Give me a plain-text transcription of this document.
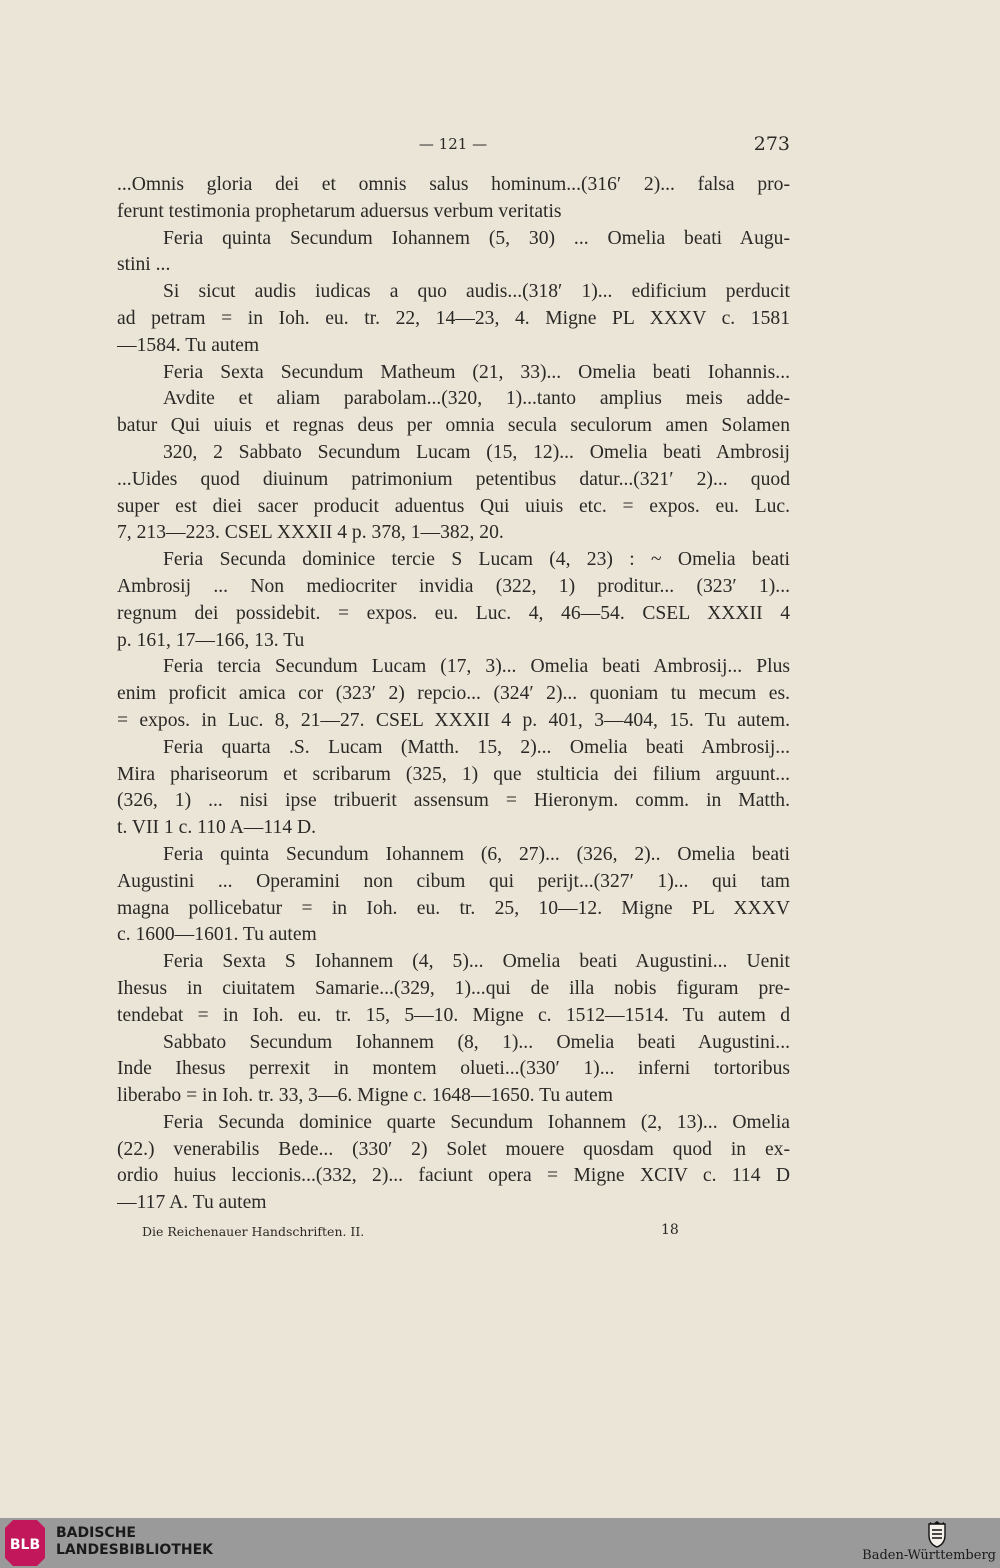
— 121 —	273
...Omnis gloria dei et omnis salus hominum...(316′ 2)... falsa pro-
ferunt testimonia prophetarum aduersus verbum veritatis
Feria quinta Secundum Iohannem (5, 30) ... Omelia beati Augu-
stini ...
Si sicut audis iudicas a quo audis...(318′ 1)... edificium perducit
ad petram = in Ioh. eu. tr. 22, 14—23, 4. Migne PL XXXV c. 1581
—1584. Tu autem
Feria Sexta Secundum Matheum (21, 33)... Omelia beati Iohannis...
Avdite et aliam parabolam...(320, 1)...tanto amplius meis adde-
batur Qui uiuis et regnas deus per omnia secula seculorum amen Solamen
320, 2 Sabbato Secundum Lucam (15, 12)... Omelia beati Ambrosij
...Uides quod diuinum patrimonium petentibus datur...(321′ 2)... quod
super est diei sacer producit aduentus Qui uiuis etc. = expos. eu. Luc.
7, 213—223. CSEL XXXII 4 p. 378, 1—382, 20.
Feria Secunda dominice tercie S Lucam (4, 23) : ~ Omelia beati
Ambrosij ... Non mediocriter invidia (322, 1) proditur... (323′ 1)...
regnum dei possidebit. = expos. eu. Luc. 4, 46—54. CSEL XXXII 4
p. 161, 17—166, 13. Tu
Feria tercia Secundum Lucam (17, 3)... Omelia beati Ambrosij... Plus
enim proficit amica cor (323′ 2) repcio... (324′ 2)... quoniam tu mecum es.
= expos. in Luc. 8, 21—27. CSEL XXXII 4 p. 401, 3—404, 15. Tu autem.
Feria quarta .S. Lucam (Matth. 15, 2)... Omelia beati Ambrosij...
Mira phariseorum et scribarum (325, 1) que stulticia dei filium arguunt...
(326, 1) ... nisi ipse tribuerit assensum = Hieronym. comm. in Matth.
t. VII 1 c. 110 A—114 D.
Feria quinta Secundum Iohannem (6, 27)... (326, 2).. Omelia beati
Augustini ... Operamini non cibum qui perijt...(327′ 1)... qui tam
magna pollicebatur = in Ioh. eu. tr. 25, 10—12. Migne PL XXXV
c. 1600—1601. Tu autem
Feria Sexta S Iohannem (4, 5)... Omelia beati Augustini... Uenit
Ihesus in ciuitatem Samarie...(329, 1)...qui de illa nobis figuram pre-
tendebat = in Ioh. eu. tr. 15, 5—10. Migne c. 1512—1514. Tu autem d
Sabbato Secundum Iohannem (8, 1)... Omelia beati Augustini...
Inde Ihesus perrexit in montem olueti...(330′ 1)... inferni tortoribus
liberabo = in Ioh. tr. 33, 3—6. Migne c. 1648—1650. Tu autem
Feria Secunda dominice quarte Secundum Iohannem (2, 13)... Omelia
(22.) venerabilis Bede... (330′ 2) Solet mouere quosdam quod in ex-
ordio huius leccionis...(332, 2)... faciunt opera = Migne XCIV c. 114 D
—117 A. Tu autem
Die Reichenauer Handschriften. II.	18
BLB
BADISCHE
LANDESBIBLIOTHEK	Baden-Württemberg
